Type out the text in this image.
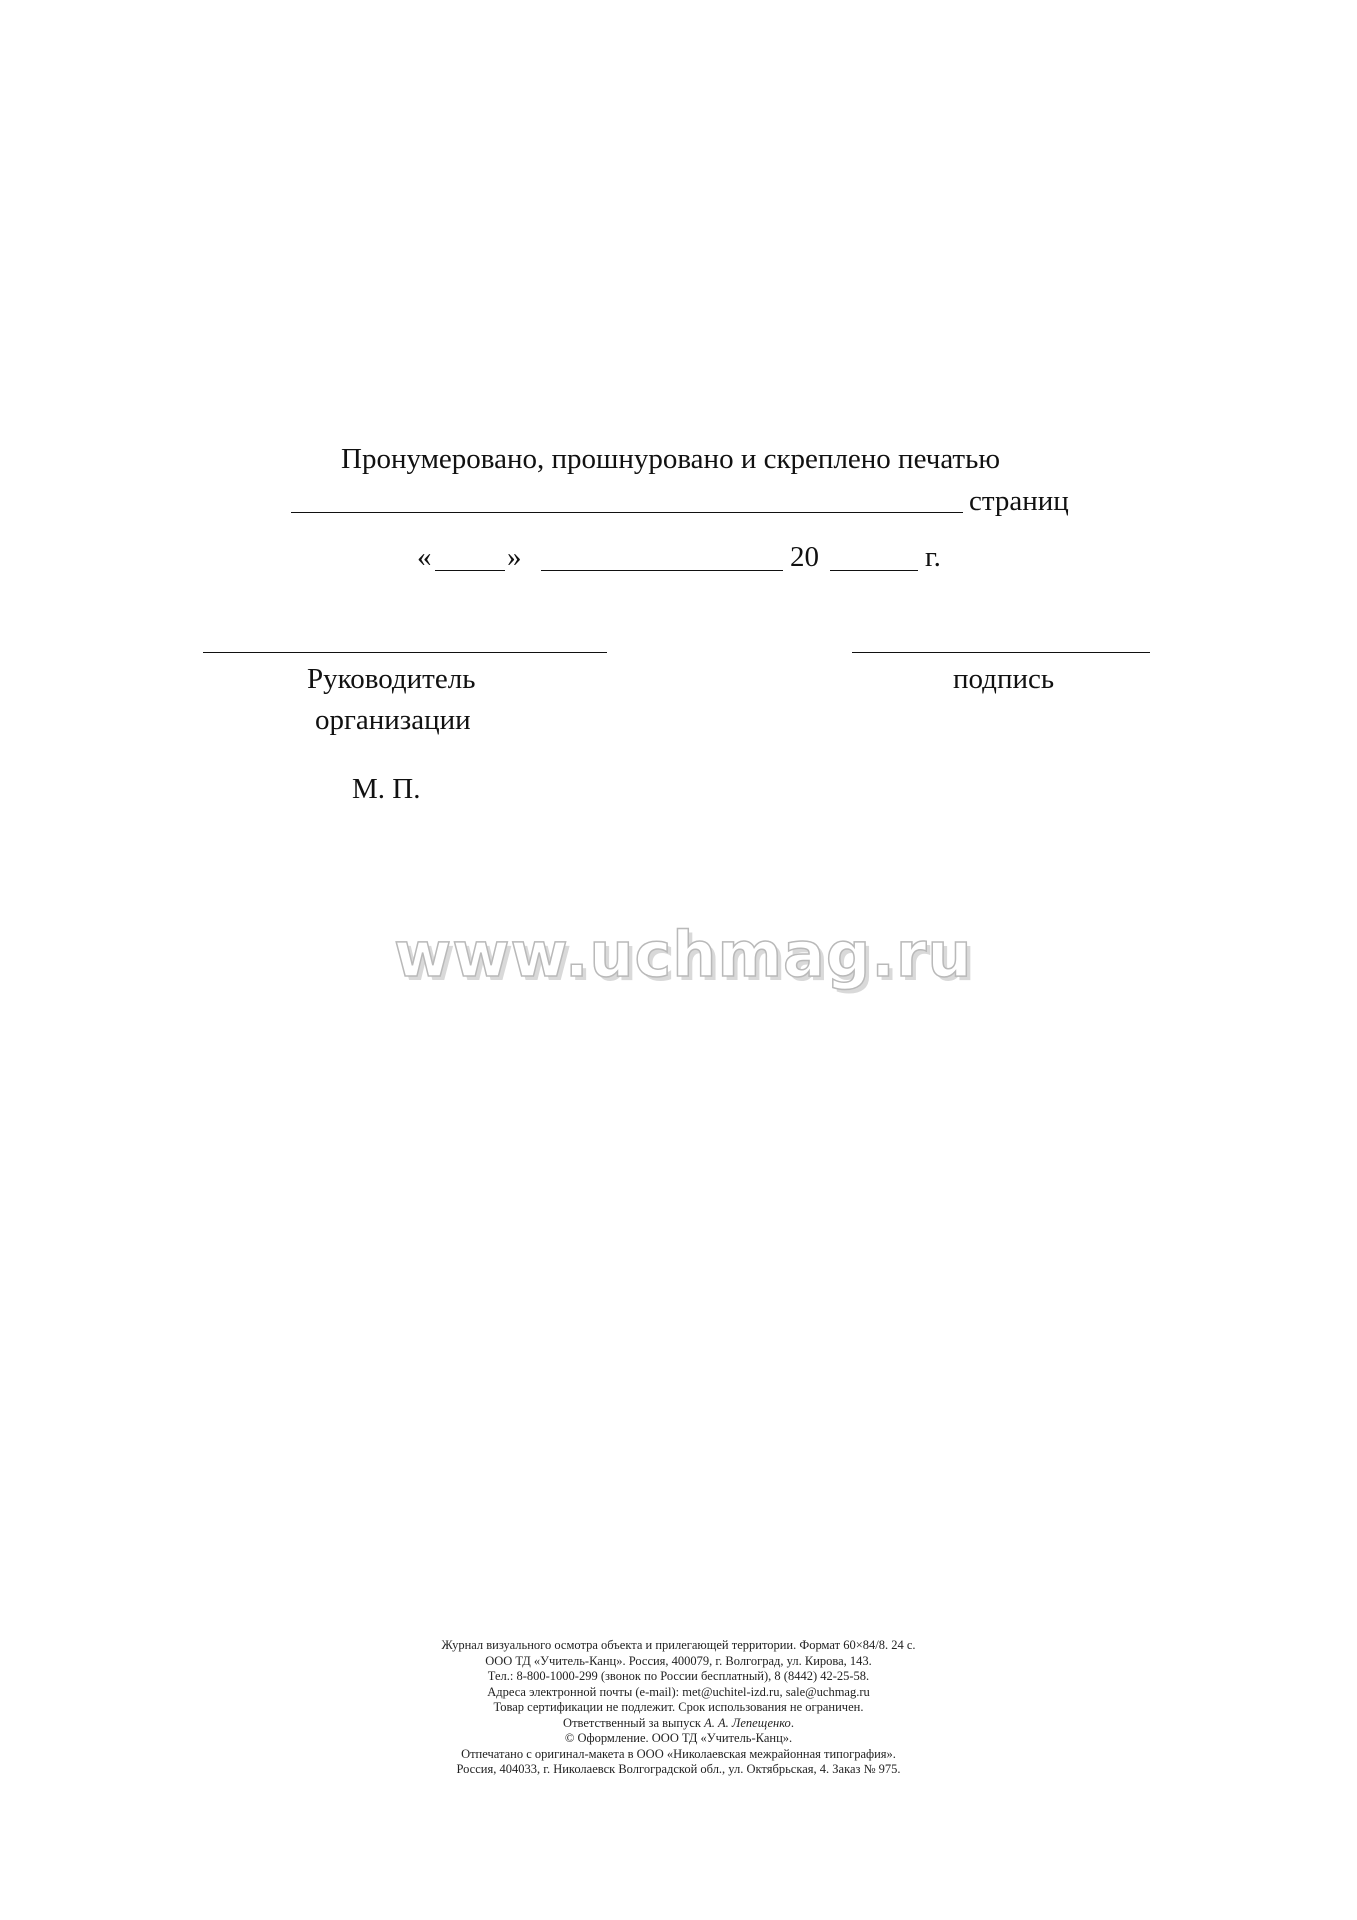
Пронумеровано, прошнуровано и скреплено печатью
страниц
«	»	20	г.
Руководитель
организации
подпись
М. П.
www.uchmag.ru
Журнал визуального осмотра объекта и прилегающей территории. Формат 60×84/8. 24 с.
ООО ТД «Учитель-Канц». Россия, 400079, г. Волгоград, ул. Кирова, 143.
Тел.: 8-800-1000-299 (звонок по России бесплатный), 8 (8442) 42-25-58.
Адреса электронной почты (e-mail): met@uchitel-izd.ru, sale@uchmag.ru
Товар сертификации не подлежит. Срок использования не ограничен.
Ответственный за выпуск А. А. Лепещенко.
© Оформление. ООО ТД «Учитель-Канц».
Отпечатано с оригинал-макета в ООО «Николаевская межрайонная типография».
Россия, 404033, г. Николаевск Волгоградской обл., ул. Октябрьская, 4. Заказ № 975.
